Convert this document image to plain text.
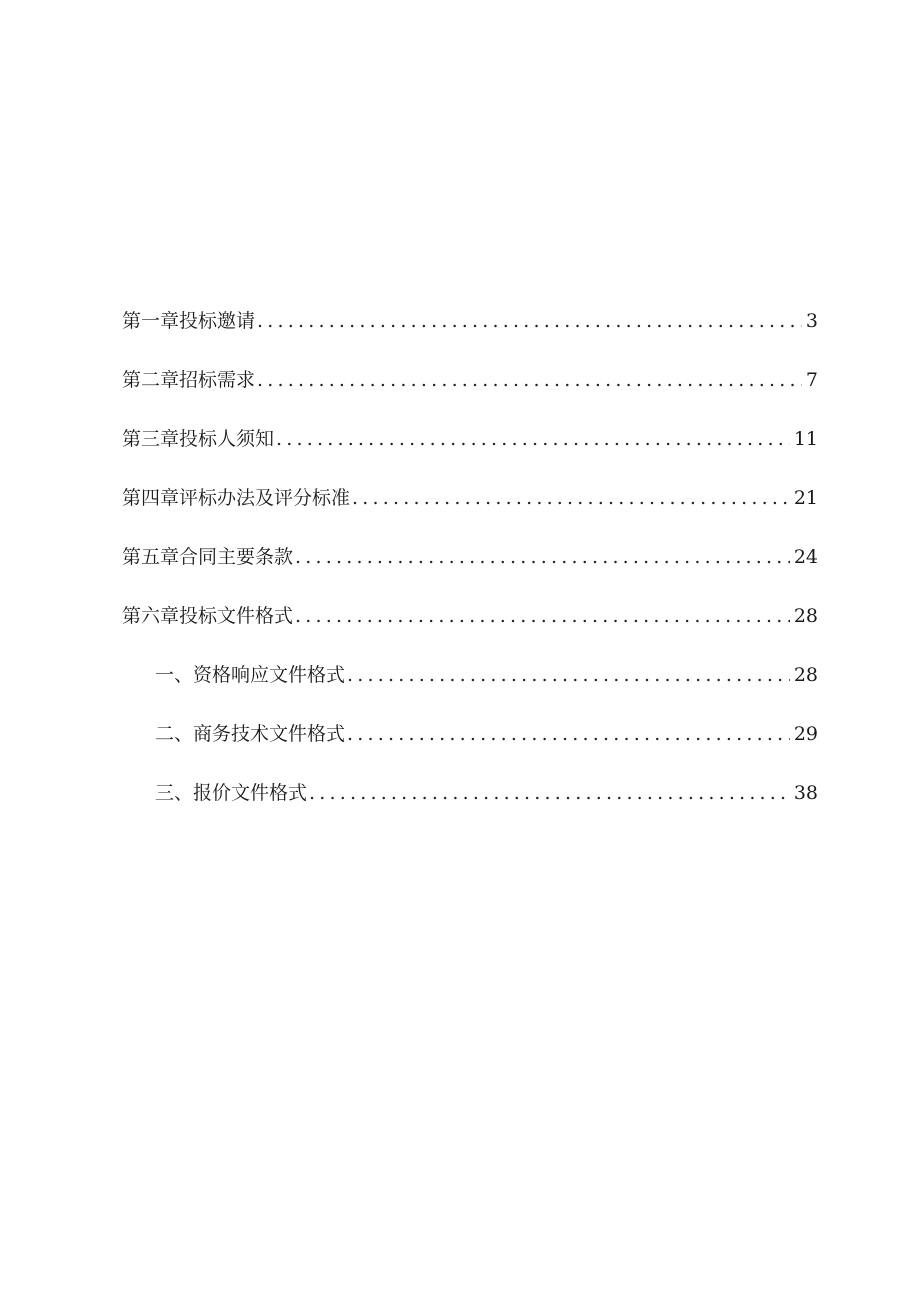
第一章投标邀请 .....	3
第二章招标需求 .....	7
第三章投标人须知 .....	11
第四章评标办法及评分标准 .....	21
第五章合同主要条款 .....	24
第六章投标文件格式 .....	28
一、资格响应文件格式 .....	28
二、商务技术文件格式 .....	29
三、报价文件格式 .....	38
